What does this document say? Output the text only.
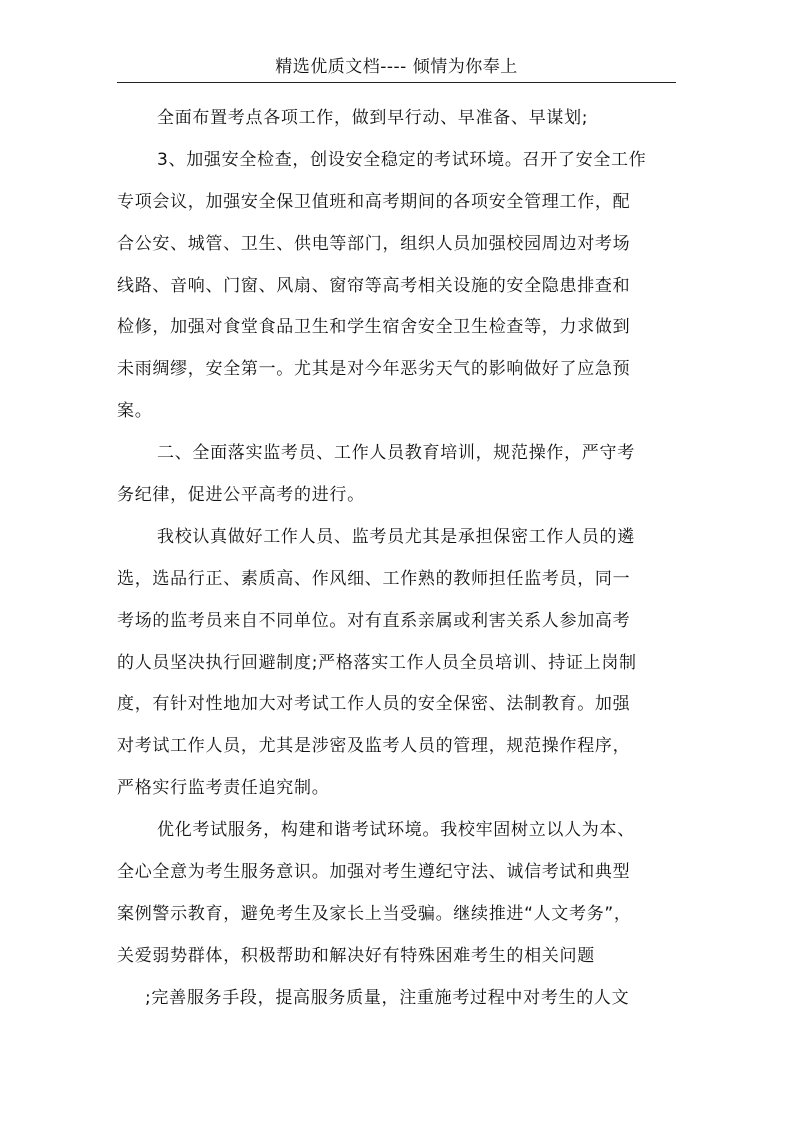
精选优质文档---- 倾情为你奉上
全面布置考点各项工作，做到早行动、早准备、早谋划;
3、加强安全检查，创设安全稳定的考试环境。召开了安全工作
专项会议，加强安全保卫值班和高考期间的各项安全管理工作，配
合公安、城管、卫生、供电等部门，组织人员加强校园周边对考场
线路、音响、门窗、风扇、窗帘等高考相关设施的安全隐患排查和
检修，加强对食堂食品卫生和学生宿舍安全卫生检查等，力求做到
未雨绸缪，安全第一。尤其是对今年恶劣天气的影响做好了应急预
案。
二、全面落实监考员、工作人员教育培训，规范操作，严守考
务纪律，促进公平高考的进行。
我校认真做好工作人员、监考员尤其是承担保密工作人员的遴
选，选品行正、素质高、作风细、工作熟的教师担任监考员，同一
考场的监考员来自不同单位。对有直系亲属或利害关系人参加高考
的人员坚决执行回避制度;严格落实工作人员全员培训、持证上岗制
度，有针对性地加大对考试工作人员的安全保密、法制教育。加强
对考试工作人员，尤其是涉密及监考人员的管理，规范操作程序，
严格实行监考责任追究制。
优化考试服务，构建和谐考试环境。我校牢固树立以人为本、
全心全意为考生服务意识。加强对考生遵纪守法、诚信考试和典型
案例警示教育，避免考生及家长上当受骗。继续推进“人文考务”，
关爱弱势群体，积极帮助和解决好有特殊困难考生的相关问题
;完善服务手段，提高服务质量，注重施考过程中对考生的人文
